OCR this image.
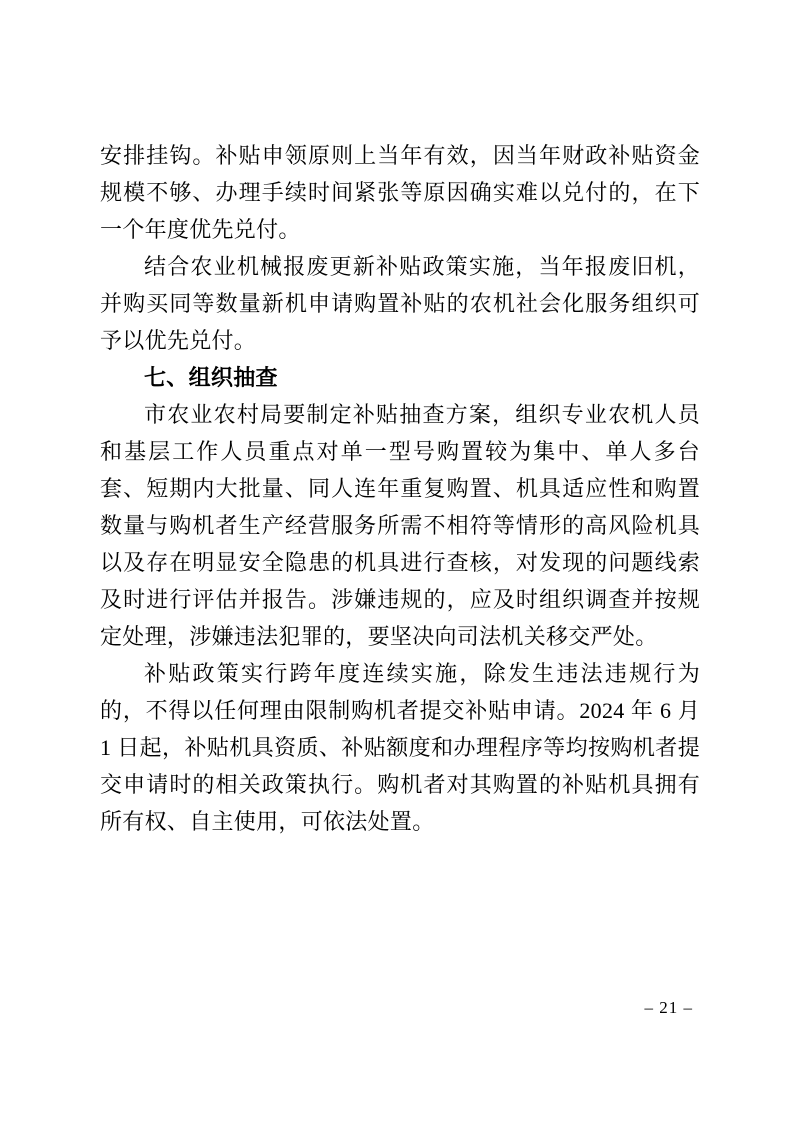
安排挂钩。补贴申领原则上当年有效，因当年财政补贴资金规模不够、办理手续时间紧张等原因确实难以兑付的，在下一个年度优先兑付。

结合农业机械报废更新补贴政策实施，当年报废旧机，并购买同等数量新机申请购置补贴的农机社会化服务组织可予以优先兑付。

七、组织抽查

市农业农村局要制定补贴抽查方案，组织专业农机人员和基层工作人员重点对单一型号购置较为集中、单人多台套、短期内大批量、同人连年重复购置、机具适应性和购置数量与购机者生产经营服务所需不相符等情形的高风险机具以及存在明显安全隐患的机具进行查核，对发现的问题线索及时进行评估并报告。涉嫌违规的，应及时组织调查并按规定处理，涉嫌违法犯罪的，要坚决向司法机关移交严处。

补贴政策实行跨年度连续实施，除发生违法违规行为的，不得以任何理由限制购机者提交补贴申请。2024 年 6 月 1 日起，补贴机具资质、补贴额度和办理程序等均按购机者提交申请时的相关政策执行。购机者对其购置的补贴机具拥有所有权、自主使用，可依法处置。

– 21 –
